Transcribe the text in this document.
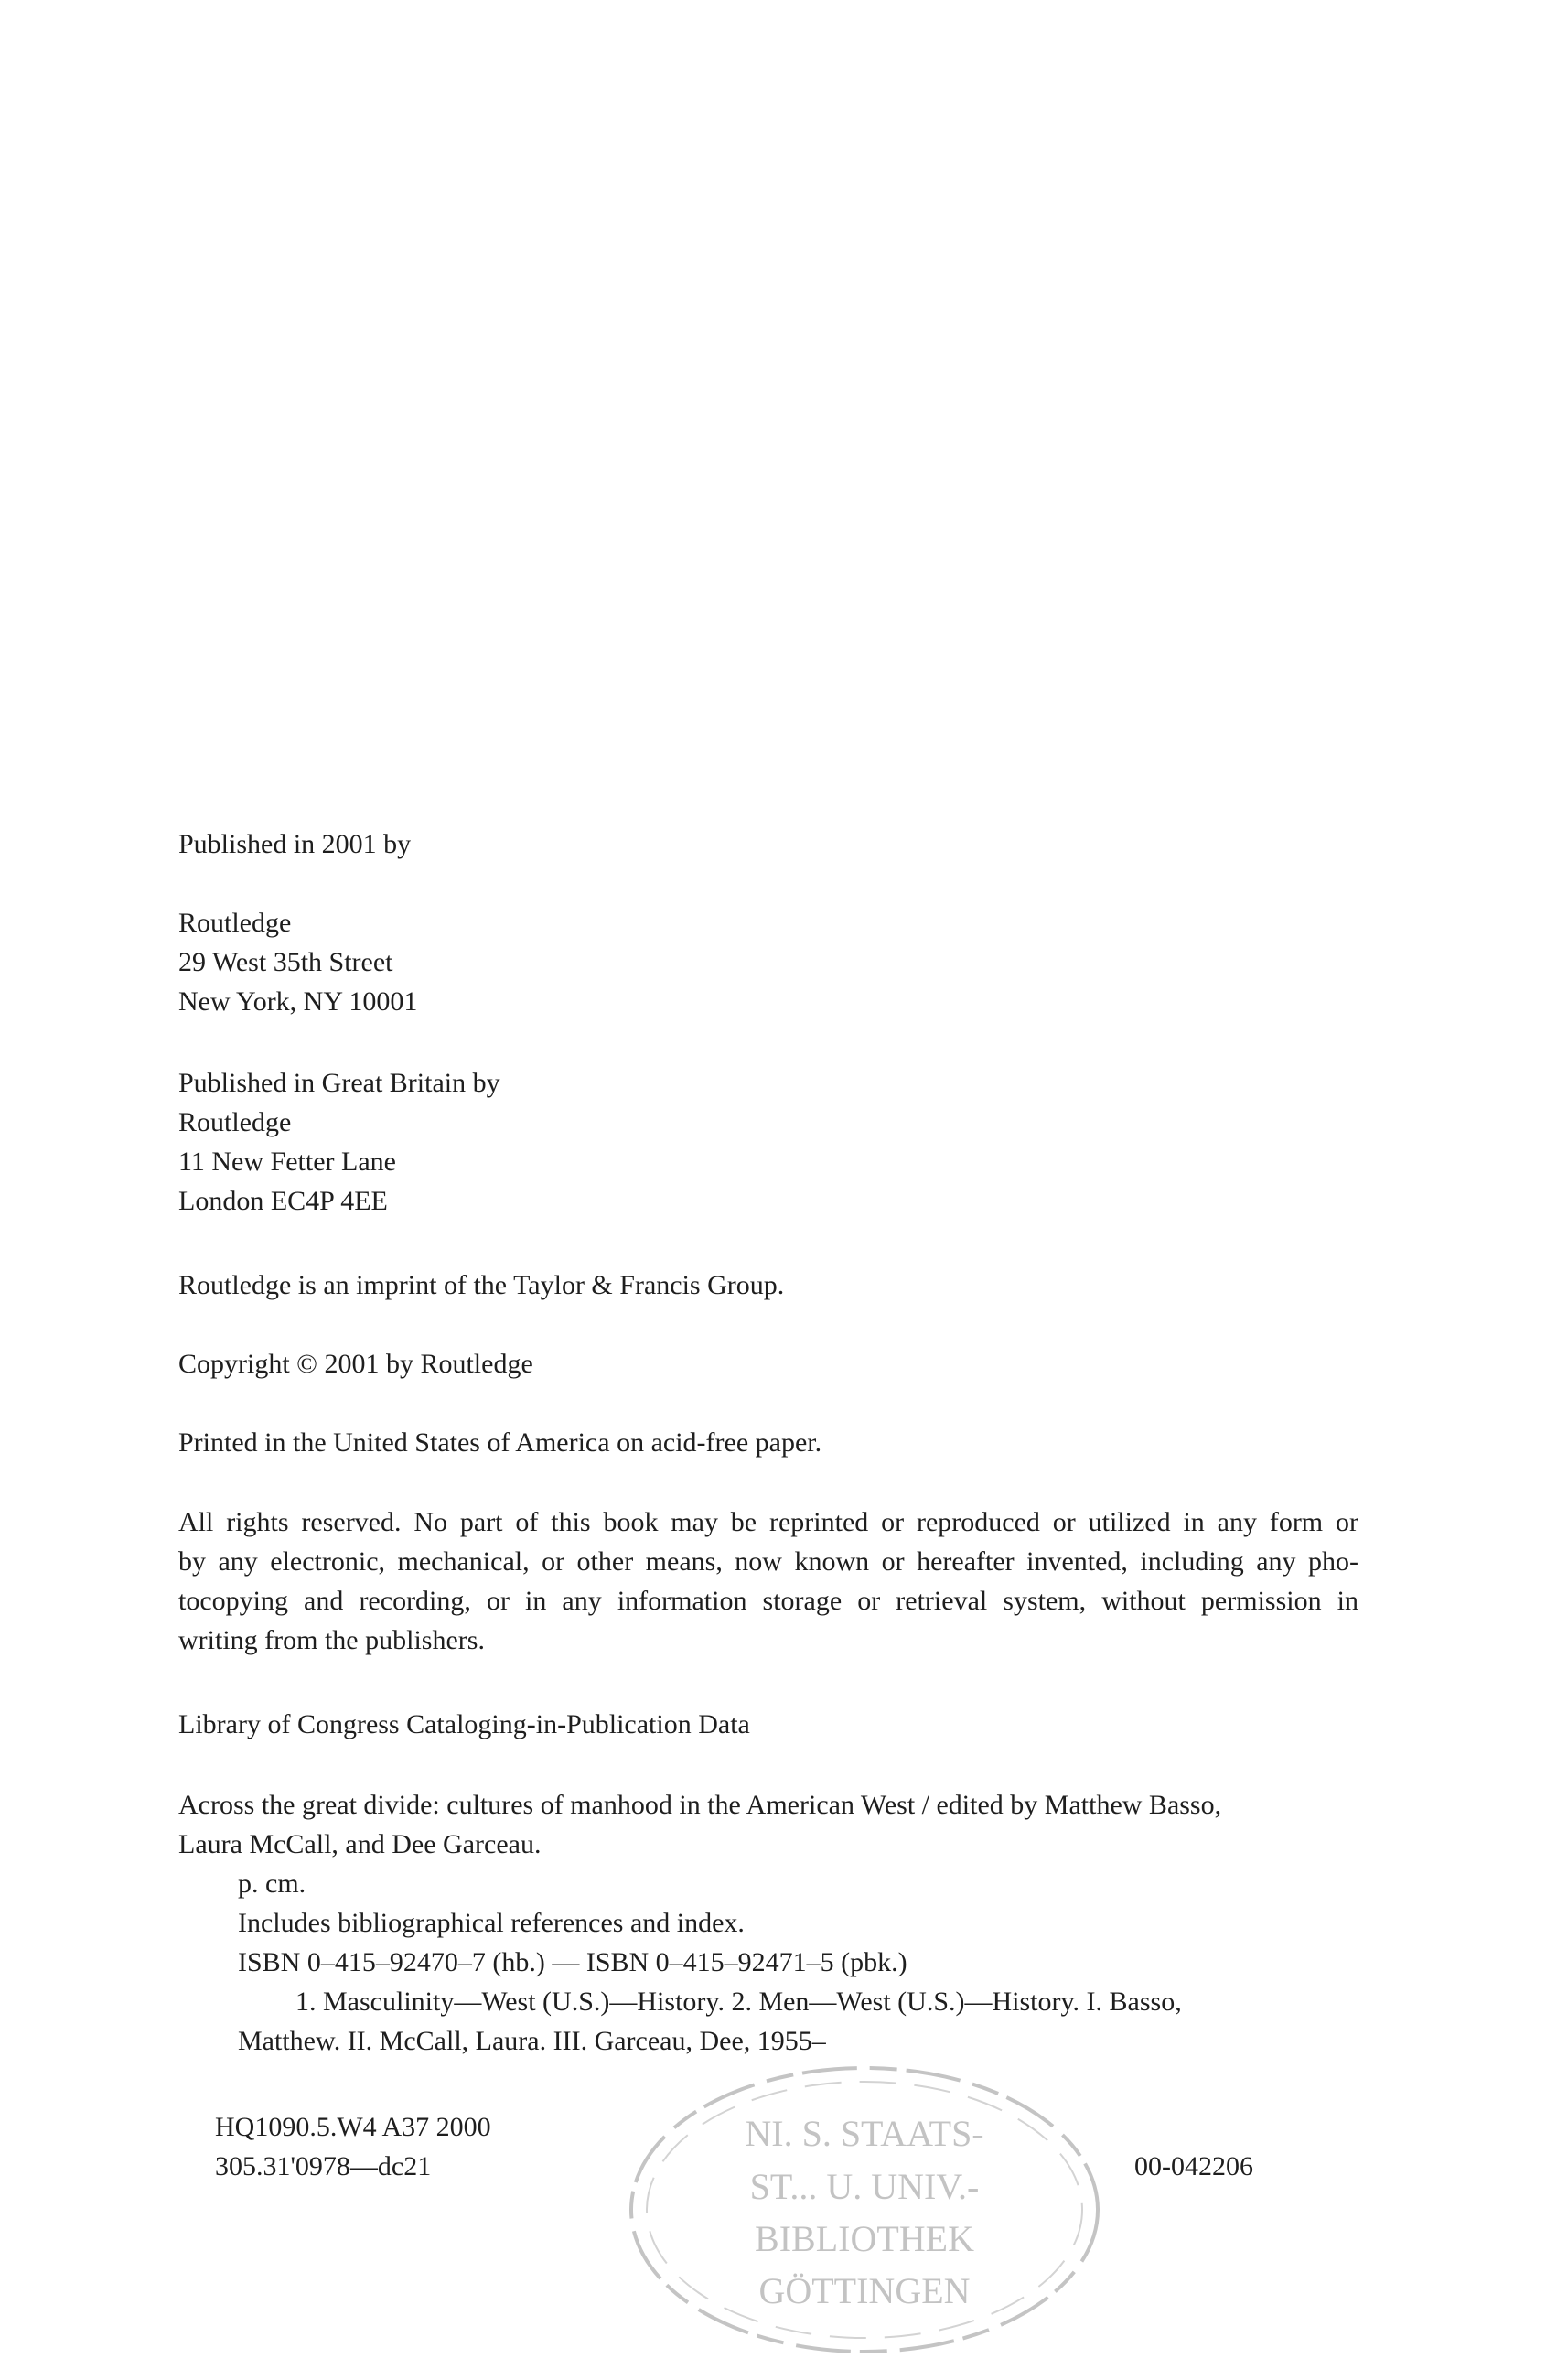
Published in 2001 by
Routledge
29 West 35th Street
New York, NY 10001
Published in Great Britain by
Routledge
11 New Fetter Lane
London EC4P 4EE
Routledge is an imprint of the Taylor & Francis Group.
Copyright © 2001 by Routledge
Printed in the United States of America on acid-free paper.
All rights reserved. No part of this book may be reprinted or reproduced or utilized in any form or
by any electronic, mechanical, or other means, now known or hereafter invented, including any pho-
tocopying and recording, or in any information storage or retrieval system, without permission in
writing from the publishers.
Library of Congress Cataloging-in-Publication Data
Across the great divide: cultures of manhood in the American West / edited by Matthew Basso,
Laura McCall, and Dee Garceau.
p. cm.
Includes bibliographical references and index.
ISBN 0–415–92470–7 (hb.) — ISBN 0–415–92471–5 (pbk.)
1. Masculinity—West (U.S.)—History. 2. Men—West (U.S.)—History. I. Basso,
Matthew. II. McCall, Laura. III. Garceau, Dee, 1955–
HQ1090.5.W4 A37 2000
305.31'0978—dc21	00-042206
NI. S. STAATS-
ST... U. UNIV.-
BIBLIOTHEK
GÖTTINGEN
